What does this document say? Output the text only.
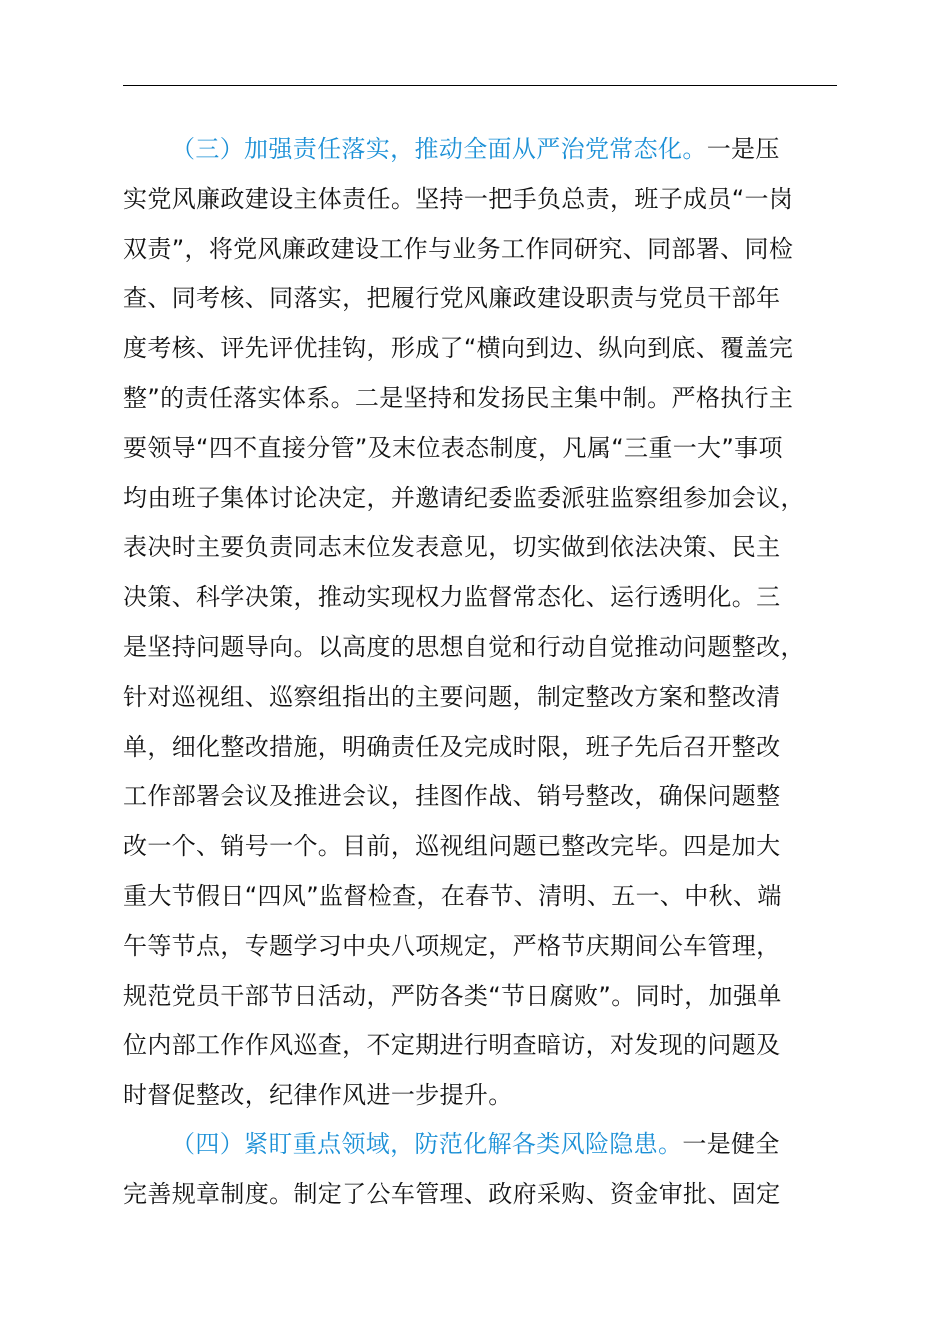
（三）加强责任落实，推动全面从严治党常态化。一是压
实党风廉政建设主体责任。坚持一把手负总责，班子成员“一岗
双责”，将党风廉政建设工作与业务工作同研究、同部署、同检
查、同考核、同落实，把履行党风廉政建设职责与党员干部年
度考核、评先评优挂钩，形成了“横向到边、纵向到底、覆盖完
整”的责任落实体系。二是坚持和发扬民主集中制。严格执行主
要领导“四不直接分管”及末位表态制度，凡属“三重一大”事项
均由班子集体讨论决定，并邀请纪委监委派驻监察组参加会议，
表决时主要负责同志末位发表意见，切实做到依法决策、民主
决策、科学决策，推动实现权力监督常态化、运行透明化。三
是坚持问题导向。以高度的思想自觉和行动自觉推动问题整改，
针对巡视组、巡察组指出的主要问题，制定整改方案和整改清
单，细化整改措施，明确责任及完成时限，班子先后召开整改
工作部署会议及推进会议，挂图作战、销号整改，确保问题整
改一个、销号一个。目前，巡视组问题已整改完毕。四是加大
重大节假日“四风”监督检查，在春节、清明、五一、中秋、端
午等节点，专题学习中央八项规定，严格节庆期间公车管理，
规范党员干部节日活动，严防各类“节日腐败”。同时，加强单
位内部工作作风巡查，不定期进行明查暗访，对发现的问题及
时督促整改，纪律作风进一步提升。
（四）紧盯重点领域，防范化解各类风险隐患。一是健全
完善规章制度。制定了公车管理、政府采购、资金审批、固定
